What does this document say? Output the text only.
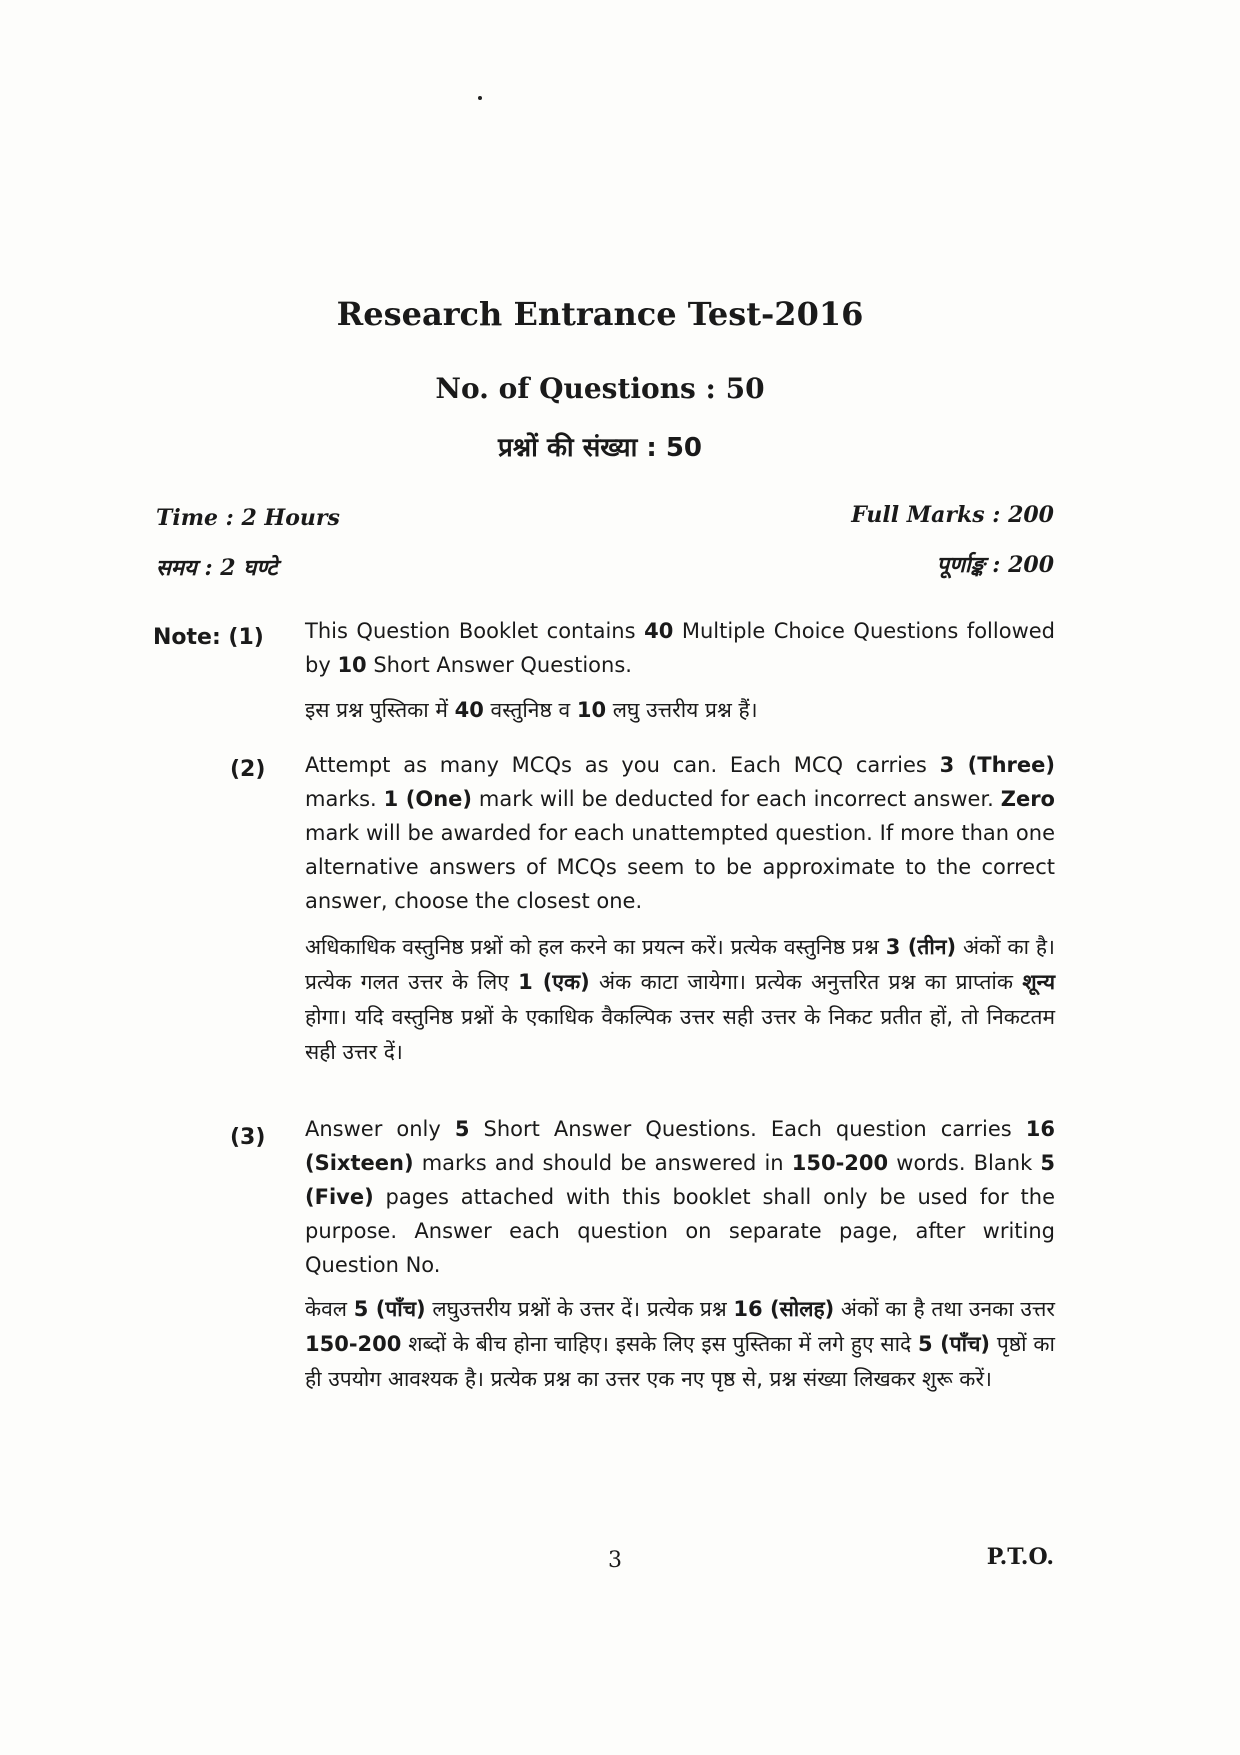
Research Entrance Test-2016
No. of Questions : 50
प्रश्नों की संख्या : 50
Time : 2 Hours
समय : 2 घण्टे
Full Marks : 200
पूर्णाङ्क : 200
Note: (1)
(2)
(3)
This Question Booklet contains 40 Multiple Choice Questions followed by 10 Short Answer Questions.
इस प्रश्न पुस्तिका में 40 वस्तुनिष्ठ व 10 लघु उत्तरीय प्रश्न हैं।
Attempt as many MCQs as you can. Each MCQ carries 3 (Three) marks. 1 (One) mark will be deducted for each incorrect answer. Zero mark will be awarded for each unattempted question. If more than one alternative answers of MCQs seem to be approximate to the correct answer, choose the closest one.
अधिकाधिक वस्तुनिष्ठ प्रश्नों को हल करने का प्रयत्न करें। प्रत्येक वस्तुनिष्ठ प्रश्न 3 (तीन) अंकों का है। प्रत्येक गलत उत्तर के लिए 1 (एक) अंक काटा जायेगा। प्रत्येक अनुत्तरित प्रश्न का प्राप्तांक शून्य होगा। यदि वस्तुनिष्ठ प्रश्नों के एकाधिक वैकल्पिक उत्तर सही उत्तर के निकट प्रतीत हों, तो निकटतम सही उत्तर दें।
Answer only 5 Short Answer Questions. Each question carries 16 (Sixteen) marks and should be answered in 150-200 words. Blank 5 (Five) pages attached with this booklet shall only be used for the purpose. Answer each question on separate page, after writing Question No.
केवल 5 (पाँच) लघुउत्तरीय प्रश्नों के उत्तर दें। प्रत्येक प्रश्न 16 (सोलह) अंकों का है तथा उनका उत्तर 150-200 शब्दों के बीच होना चाहिए। इसके लिए इस पुस्तिका में लगे हुए सादे 5 (पाँच) पृष्ठों का ही उपयोग आवश्यक है। प्रत्येक प्रश्न का उत्तर एक नए पृष्ठ से, प्रश्न संख्या लिखकर शुरू करें।
3	P.T.O.
